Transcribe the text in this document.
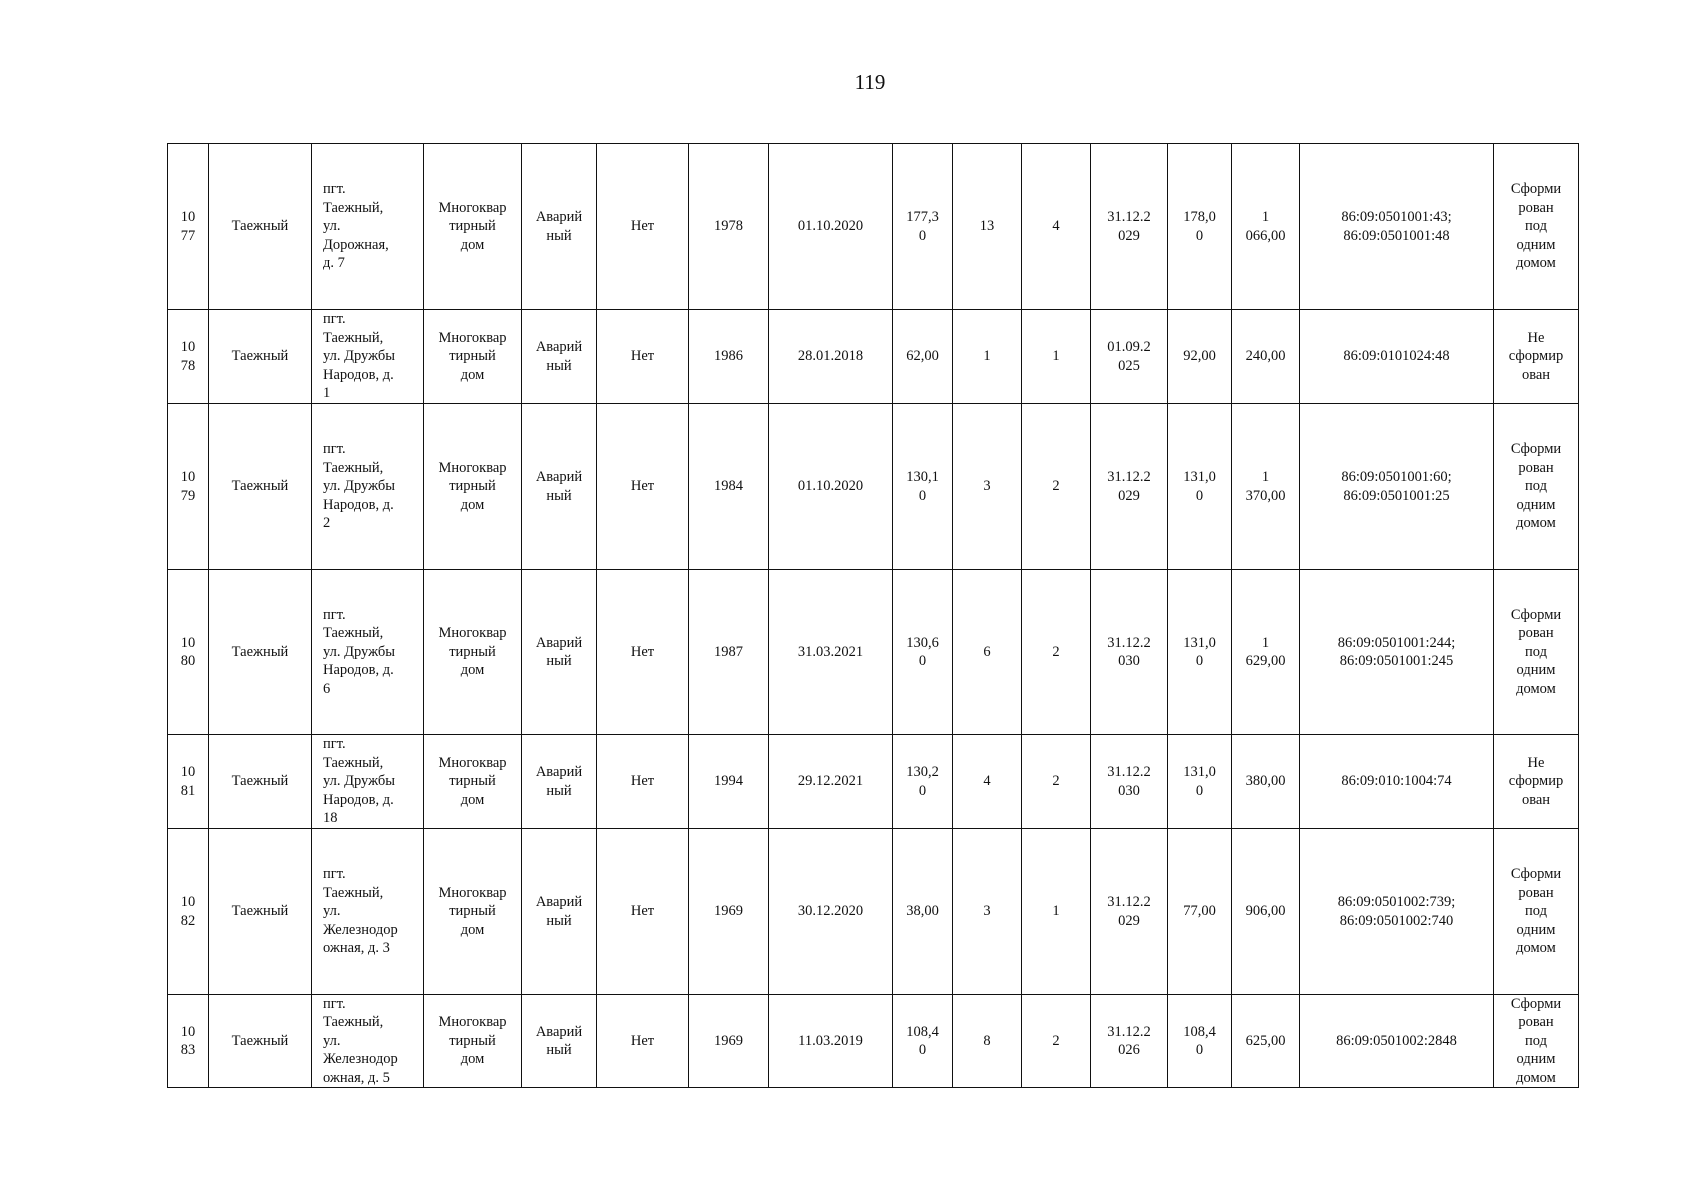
119
10
77	Таежный	пгт.
Таежный,
ул.
Дорожная,
д. 7	Многоквар
тирный
дом	Аварий
ный	Нет	1978	01.10.2020	177,3
0	13	4	31.12.2
029	178,0
0	1
066,00	86:09:0501001:43;
86:09:0501001:48	Сформи
рован
под
одним
домом
10
78	Таежный	пгт.
Таежный,
ул. Дружбы
Народов, д.
1	Многоквар
тирный
дом	Аварий
ный	Нет	1986	28.01.2018	62,00	1	1	01.09.2
025	92,00	240,00	86:09:0101024:48	Не
сформир
ован
10
79	Таежный	пгт.
Таежный,
ул. Дружбы
Народов, д.
2	Многоквар
тирный
дом	Аварий
ный	Нет	1984	01.10.2020	130,1
0	3	2	31.12.2
029	131,0
0	1
370,00	86:09:0501001:60;
86:09:0501001:25	Сформи
рован
под
одним
домом
10
80	Таежный	пгт.
Таежный,
ул. Дружбы
Народов, д.
6	Многоквар
тирный
дом	Аварий
ный	Нет	1987	31.03.2021	130,6
0	6	2	31.12.2
030	131,0
0	1
629,00	86:09:0501001:244;
86:09:0501001:245	Сформи
рован
под
одним
домом
10
81	Таежный	пгт.
Таежный,
ул. Дружбы
Народов, д.
18	Многоквар
тирный
дом	Аварий
ный	Нет	1994	29.12.2021	130,2
0	4	2	31.12.2
030	131,0
0	380,00	86:09:010:1004:74	Не
сформир
ован
10
82	Таежный	пгт.
Таежный,
ул.
Железнодор
ожная, д. 3	Многоквар
тирный
дом	Аварий
ный	Нет	1969	30.12.2020	38,00	3	1	31.12.2
029	77,00	906,00	86:09:0501002:739;
86:09:0501002:740	Сформи
рован
под
одним
домом
10
83	Таежный	пгт.
Таежный,
ул.
Железнодор
ожная, д. 5	Многоквар
тирный
дом	Аварий
ный	Нет	1969	11.03.2019	108,4
0	8	2	31.12.2
026	108,4
0	625,00	86:09:0501002:2848	Сформи
рован
под
одним
домом
